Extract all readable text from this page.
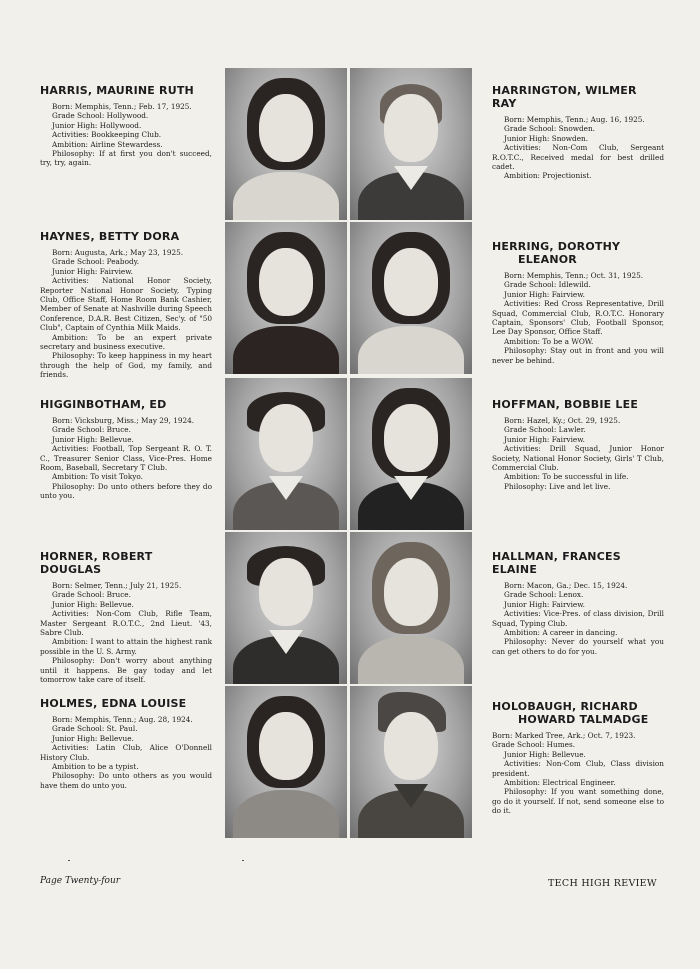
HARRIS, MAURINE RUTH

Born: Memphis, Tenn.; Feb. 17, 1925.

Grade School: Hollywood.

Junior High: Hollywood.

Activities: Bookkeeping Club.

Ambition: Airline Stewardess.

Philosophy: If at first you don't succeed, try, try, again.

HARRINGTON, WILMER RAY

Born: Memphis, Tenn.; Aug. 16, 1925.

Grade School: Snowden.

Junior High: Snowden.

Activities: Non-Com Club, Sergeant R.O.T.C., Received medal for best drilled cadet.

Ambition: Projectionist.

HAYNES, BETTY DORA

Born: Augusta, Ark.; May 23, 1925.

Grade School: Peabody.

Junior High: Fairview.

Activities: National Honor Society, Reporter National Honor Society, Typing Club, Office Staff, Home Room Bank Cashier, Member of Senate at Nashville during Speech Conference, D.A.R. Best Citizen, Sec'y. of "50 Club", Captain of Cynthia Milk Maids.

Ambition: To be an expert private secretary and business executive.

Philosophy: To keep happiness in my heart through the help of God, my family, and friends.

HERRING, DOROTHY
ELEANOR

Born: Memphis, Tenn.; Oct. 31, 1925.

Grade School: Idlewild.

Junior High: Fairview.

Activities: Red Cross Representative, Drill Squad, Commercial Club, R.O.T.C. Honorary Captain, Sponsors' Club, Football Sponsor, Lee Day Sponsor, Office Staff.

Ambition: To be a WOW.

Philosophy: Stay out in front and you will never be behind.

HIGGINBOTHAM, ED

Born: Vicksburg, Miss.; May 29, 1924.

Grade School: Bruce.

Junior High: Bellevue.

Activities: Football, Top Sergeant R. O. T. C., Treasurer Senior Class, Vice-Pres. Home Room, Baseball, Secretary T Club.

Ambition: To visit Tokyo.

Philosophy: Do unto others before they do unto you.

HOFFMAN, BOBBIE LEE

Born: Hazel, Ky.; Oct. 29, 1925.

Grade School: Lawler.

Junior High: Fairview.

Activities: Drill Squad, Junior Honor Society, National Honor Society, Girls' T Club, Commercial Club.

Ambition: To be successful in life.

Philosophy: Live and let live.

HORNER, ROBERT DOUGLAS

Born: Selmer, Tenn.; July 21, 1925.

Grade School: Bruce.

Junior High: Bellevue.

Activities: Non-Com Club, Rifle Team, Master Sergeant R.O.T.C., 2nd Lieut. '43, Sabre Club.

Ambition: I want to attain the highest rank possible in the U. S. Army.

Philosophy: Don't worry about anything until it happens. Be gay today and let tomorrow take care of itself.

HALLMAN, FRANCES ELAINE

Born: Macon, Ga.; Dec. 15, 1924.

Grade School: Lenox.

Junior High: Fairview.

Activities: Vice-Pres. of class division, Drill Squad, Typing Club.

Ambition: A career in dancing.

Philosophy: Never do yourself what you can get others to do for you.

HOLMES, EDNA LOUISE

Born: Memphis, Tenn.; Aug. 28, 1924.

Grade School: St. Paul.

Junior High: Bellevue.

Activities: Latin Club, Alice O'Donnell History Club.

Ambition to be a typist.

Philosophy: Do unto others as you would have them do unto you.

HOLOBAUGH, RICHARD
HOWARD TALMADGE

Born: Marked Tree, Ark.; Oct. 7, 1923.

Grade School: Humes.

Junior High: Bellevue.

Activities: Non-Com Club, Class division president.

Ambition: Electrical Engineer.

Philosophy: If you want something done, go do it yourself. If not, send someone else to do it.

Page Twenty-four	TECH HIGH REVIEW
